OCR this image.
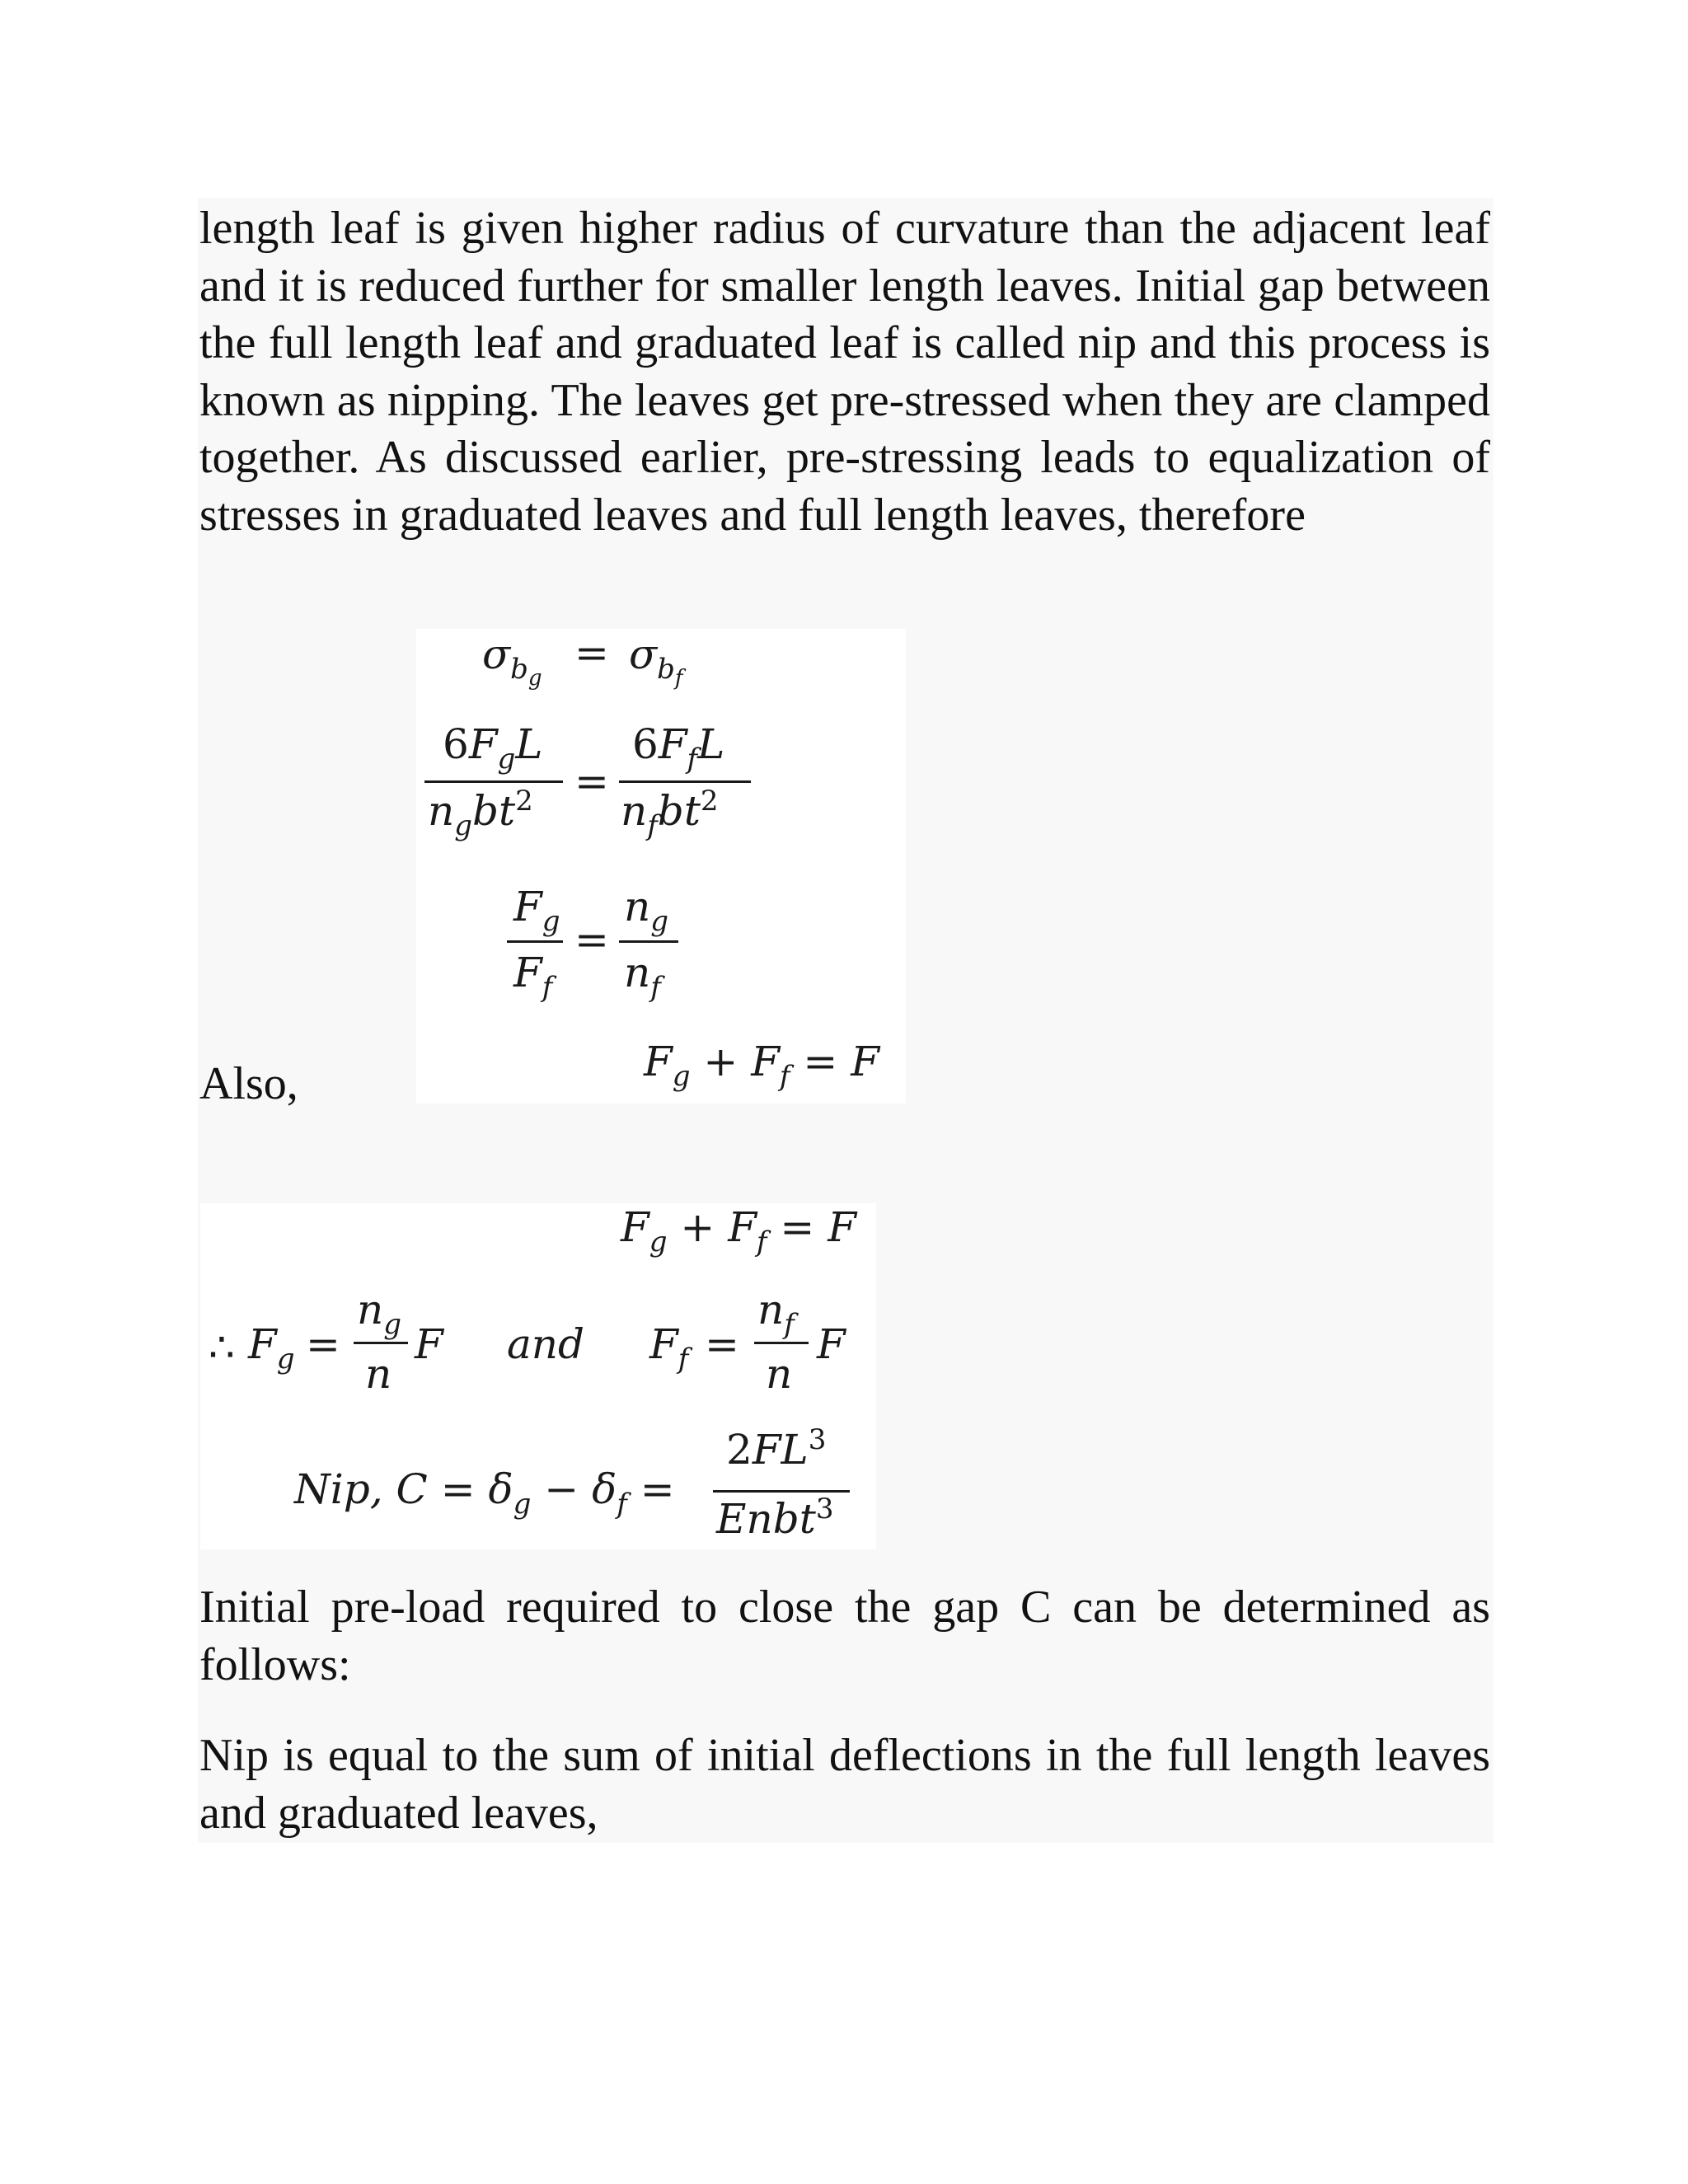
length leaf is given higher radius of curvature than the adjacent leaf and it is reduced further for smaller length leaves. Initial gap between the full length leaf and graduated leaf is called nip and this process is known as nipping. The leaves get pre-stressed when they are clamped together. As discussed earlier, pre-stressing leads to equalization of stresses in graduated leaves and full length leaves, therefore

Also,
$\sigma_{b_g}$
= $\sigma_{b_f}$
$6F_gL$
$n_gbt^2$ =
$6F_fL$
$n_fbt^2$
$F_g$
$F_f$
=
$n_g$
$n_f$
$F_g + F_f = F$
$F_g + F_f = F$
∴ $F_g$ =
$n_g$
n
F and $F_f$ =
$n_f$
n
F
Nip, $C = \delta_g - \delta_f$ =
$2FL^3$
Enbt$^3$

Initial pre-load required to close the gap C can be determined as follows:

Nip is equal to the sum of initial deflections in the full length leaves and graduated leaves,
